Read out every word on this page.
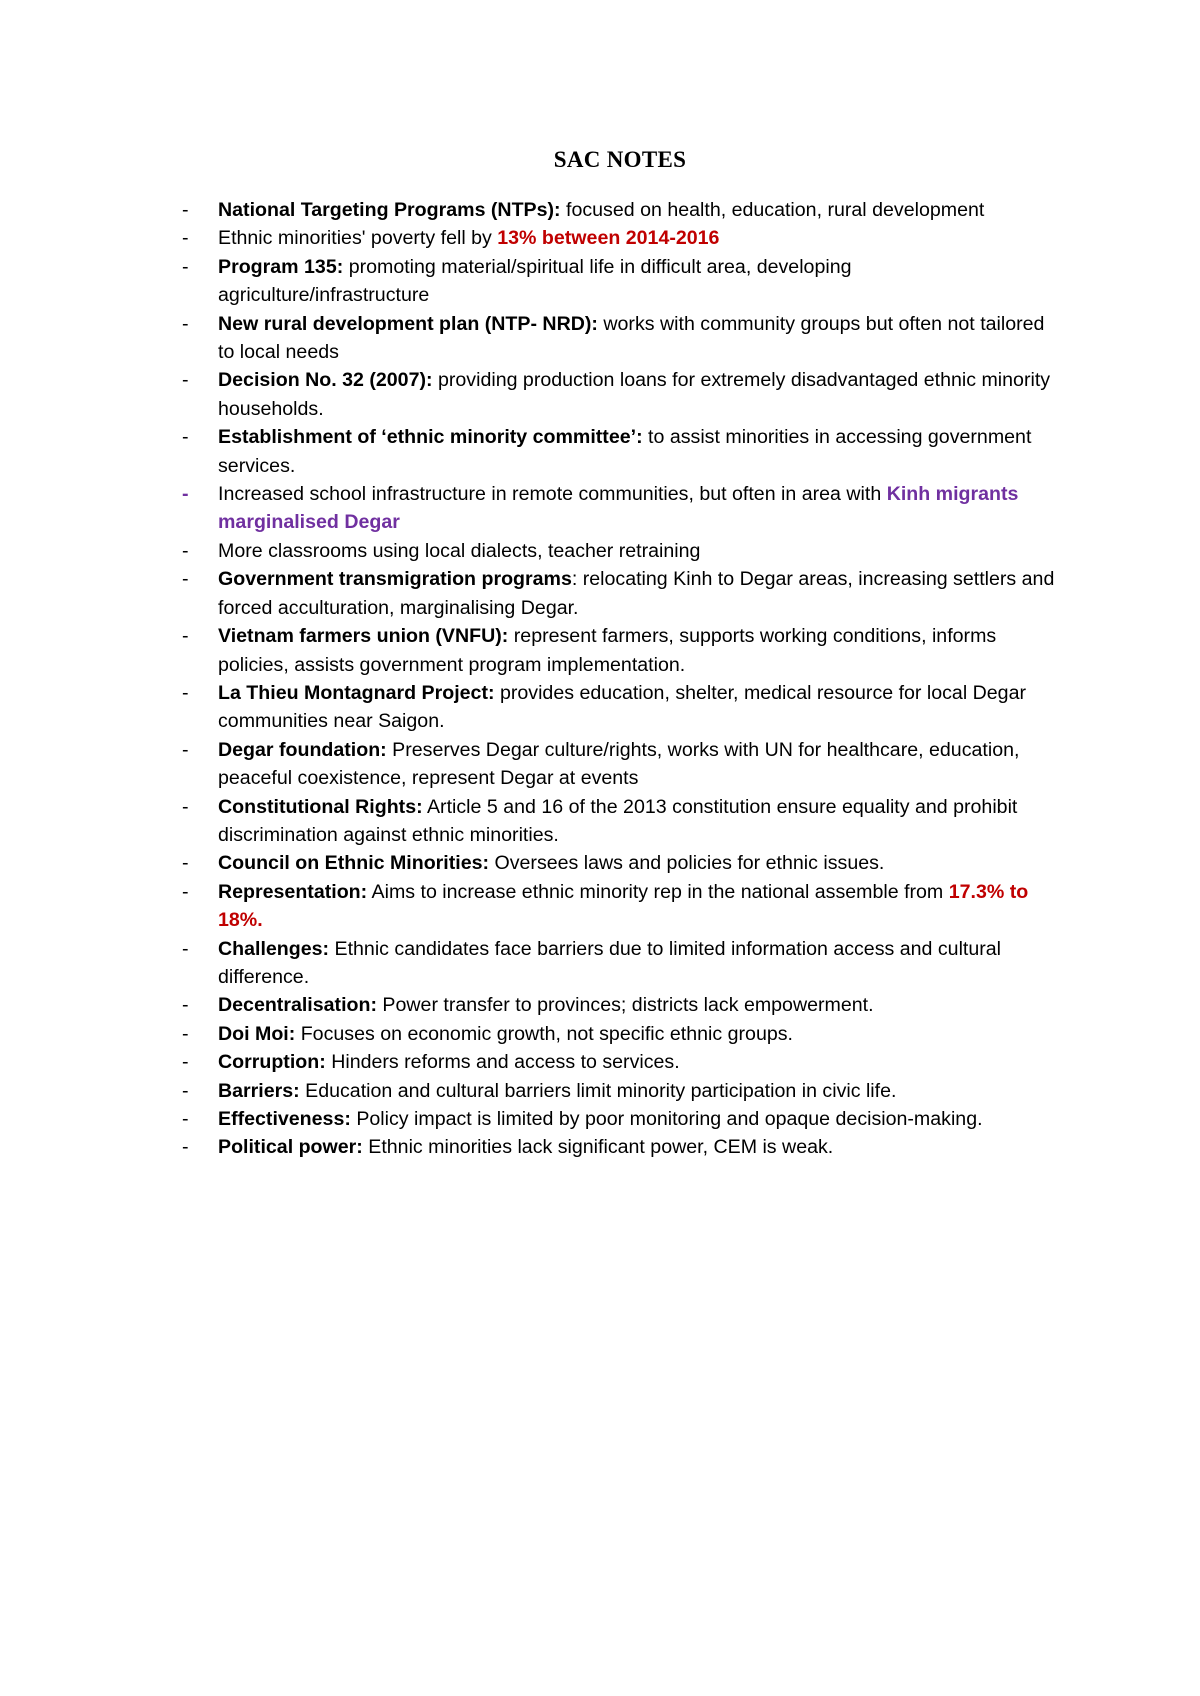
SAC NOTES
-	National Targeting Programs (NTPs): focused on health, education, rural development
-	Ethnic minorities' poverty fell by 13% between 2014-2016
-	Program 135: promoting material/spiritual life in difficult area, developing agriculture/infrastructure
-	New rural development plan (NTP- NRD): works with community groups but often not tailored to local needs
-	Decision No. 32 (2007): providing production loans for extremely disadvantaged ethnic minority households.
-	Establishment of ‘ethnic minority committee’: to assist minorities in accessing government services.
-	Increased school infrastructure in remote communities, but often in area with Kinh migrants marginalised Degar
-	More classrooms using local dialects, teacher retraining
-	Government transmigration programs: relocating Kinh to Degar areas, increasing settlers and forced acculturation, marginalising Degar.
-	Vietnam farmers union (VNFU): represent farmers, supports working conditions, informs policies, assists government program implementation.
-	La Thieu Montagnard Project: provides education, shelter, medical resource for local Degar communities near Saigon.
-	Degar foundation: Preserves Degar culture/rights, works with UN for healthcare, education, peaceful coexistence, represent Degar at events
-	Constitutional Rights: Article 5 and 16 of the 2013 constitution ensure equality and prohibit discrimination against ethnic minorities.
-	Council on Ethnic Minorities: Oversees laws and policies for ethnic issues.
-	Representation: Aims to increase ethnic minority rep in the national assemble from 17.3% to 18%.
-	Challenges: Ethnic candidates face barriers due to limited information access and cultural difference.
-	Decentralisation: Power transfer to provinces; districts lack empowerment.
-	Doi Moi: Focuses on economic growth, not specific ethnic groups.
-	Corruption: Hinders reforms and access to services.
-	Barriers: Education and cultural barriers limit minority participation in civic life.
-	Effectiveness: Policy impact is limited by poor monitoring and opaque decision-making.
-	Political power: Ethnic minorities lack significant power, CEM is weak.
